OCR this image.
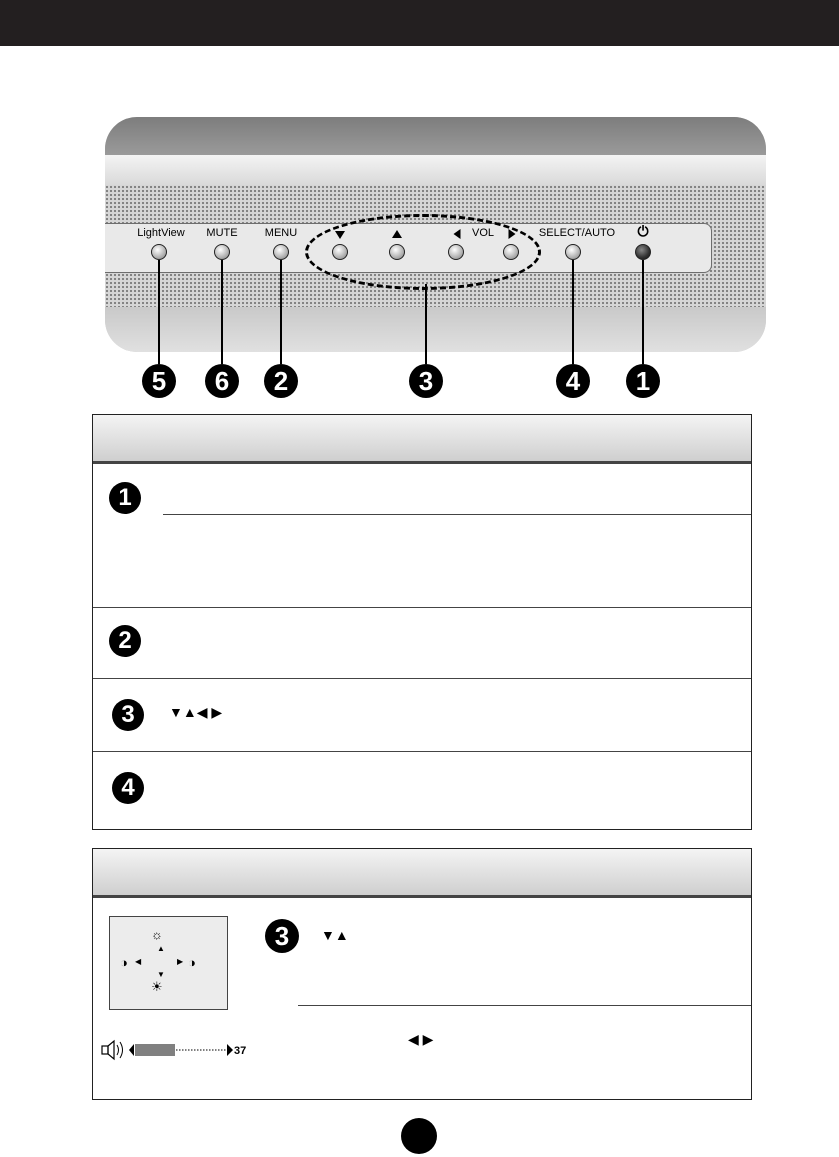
LightView MUTE MENU	VOL	SELECT/AUTO ⏻
5	6	2	3	4	1
1
2
3	▼▲◀ ▶
4
3	▼▲
◀ ▶
☼
▲
◑ ◀	▶ ◑
▼
☀
37
